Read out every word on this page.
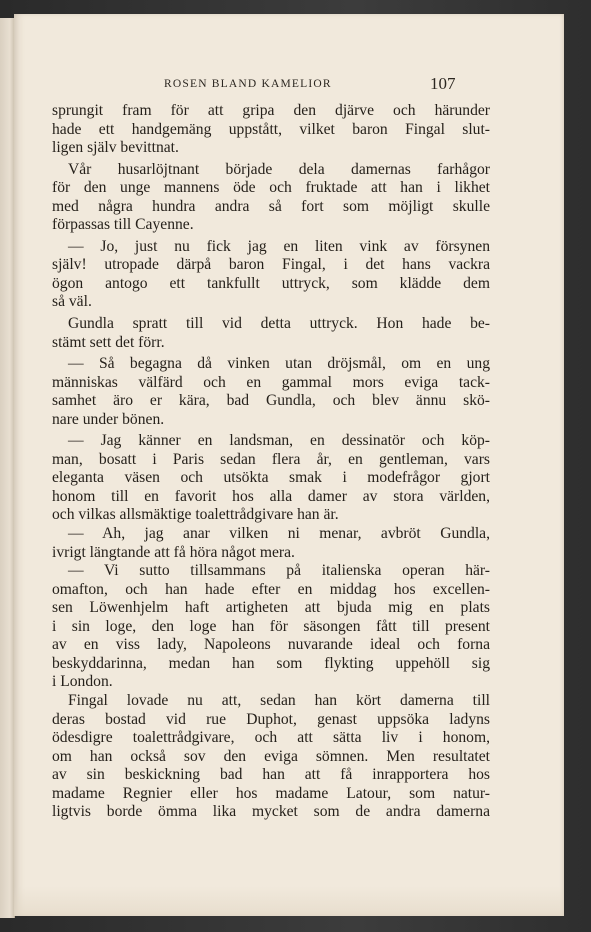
ROSEN BLAND KAMELIOR	107
sprungit fram för att gripa den djärve och härunder
hade ett handgemäng uppstått, vilket baron Fingal slut-
ligen själv bevittnat.
Vår husarlöjtnant började dela damernas farhågor
för den unge mannens öde och fruktade att han i likhet
med några hundra andra så fort som möjligt skulle
förpassas till Cayenne.
— Jo, just nu fick jag en liten vink av försynen
själv! utropade därpå baron Fingal, i det hans vackra
ögon antogo ett tankfullt uttryck, som klädde dem
så väl.
Gundla spratt till vid detta uttryck. Hon hade be-
stämt sett det förr.
— Så begagna då vinken utan dröjsmål, om en ung
människas välfärd och en gammal mors eviga tack-
samhet äro er kära, bad Gundla, och blev ännu skö-
nare under bönen.
— Jag känner en landsman, en dessinatör och köp-
man, bosatt i Paris sedan flera år, en gentleman, vars
eleganta väsen och utsökta smak i modefrågor gjort
honom till en favorit hos alla damer av stora världen,
och vilkas allsmäktige toalettrådgivare han är.
— Ah, jag anar vilken ni menar, avbröt Gundla,
ivrigt längtande att få höra något mera.
— Vi sutto tillsammans på italienska operan här-
omafton, och han hade efter en middag hos excellen-
sen Löwenhjelm haft artigheten att bjuda mig en plats
i sin loge, den loge han för säsongen fått till present
av en viss lady, Napoleons nuvarande ideal och forna
beskyddarinna, medan han som flykting uppehöll sig
i London.
Fingal lovade nu att, sedan han kört damerna till
deras bostad vid rue Duphot, genast uppsöka ladyns
ödesdigre toalettrådgivare, och att sätta liv i honom,
om han också sov den eviga sömnen. Men resultatet
av sin beskickning bad han att få inrapportera hos
madame Regnier eller hos madame Latour, som natur-
ligtvis borde ömma lika mycket som de andra damerna
